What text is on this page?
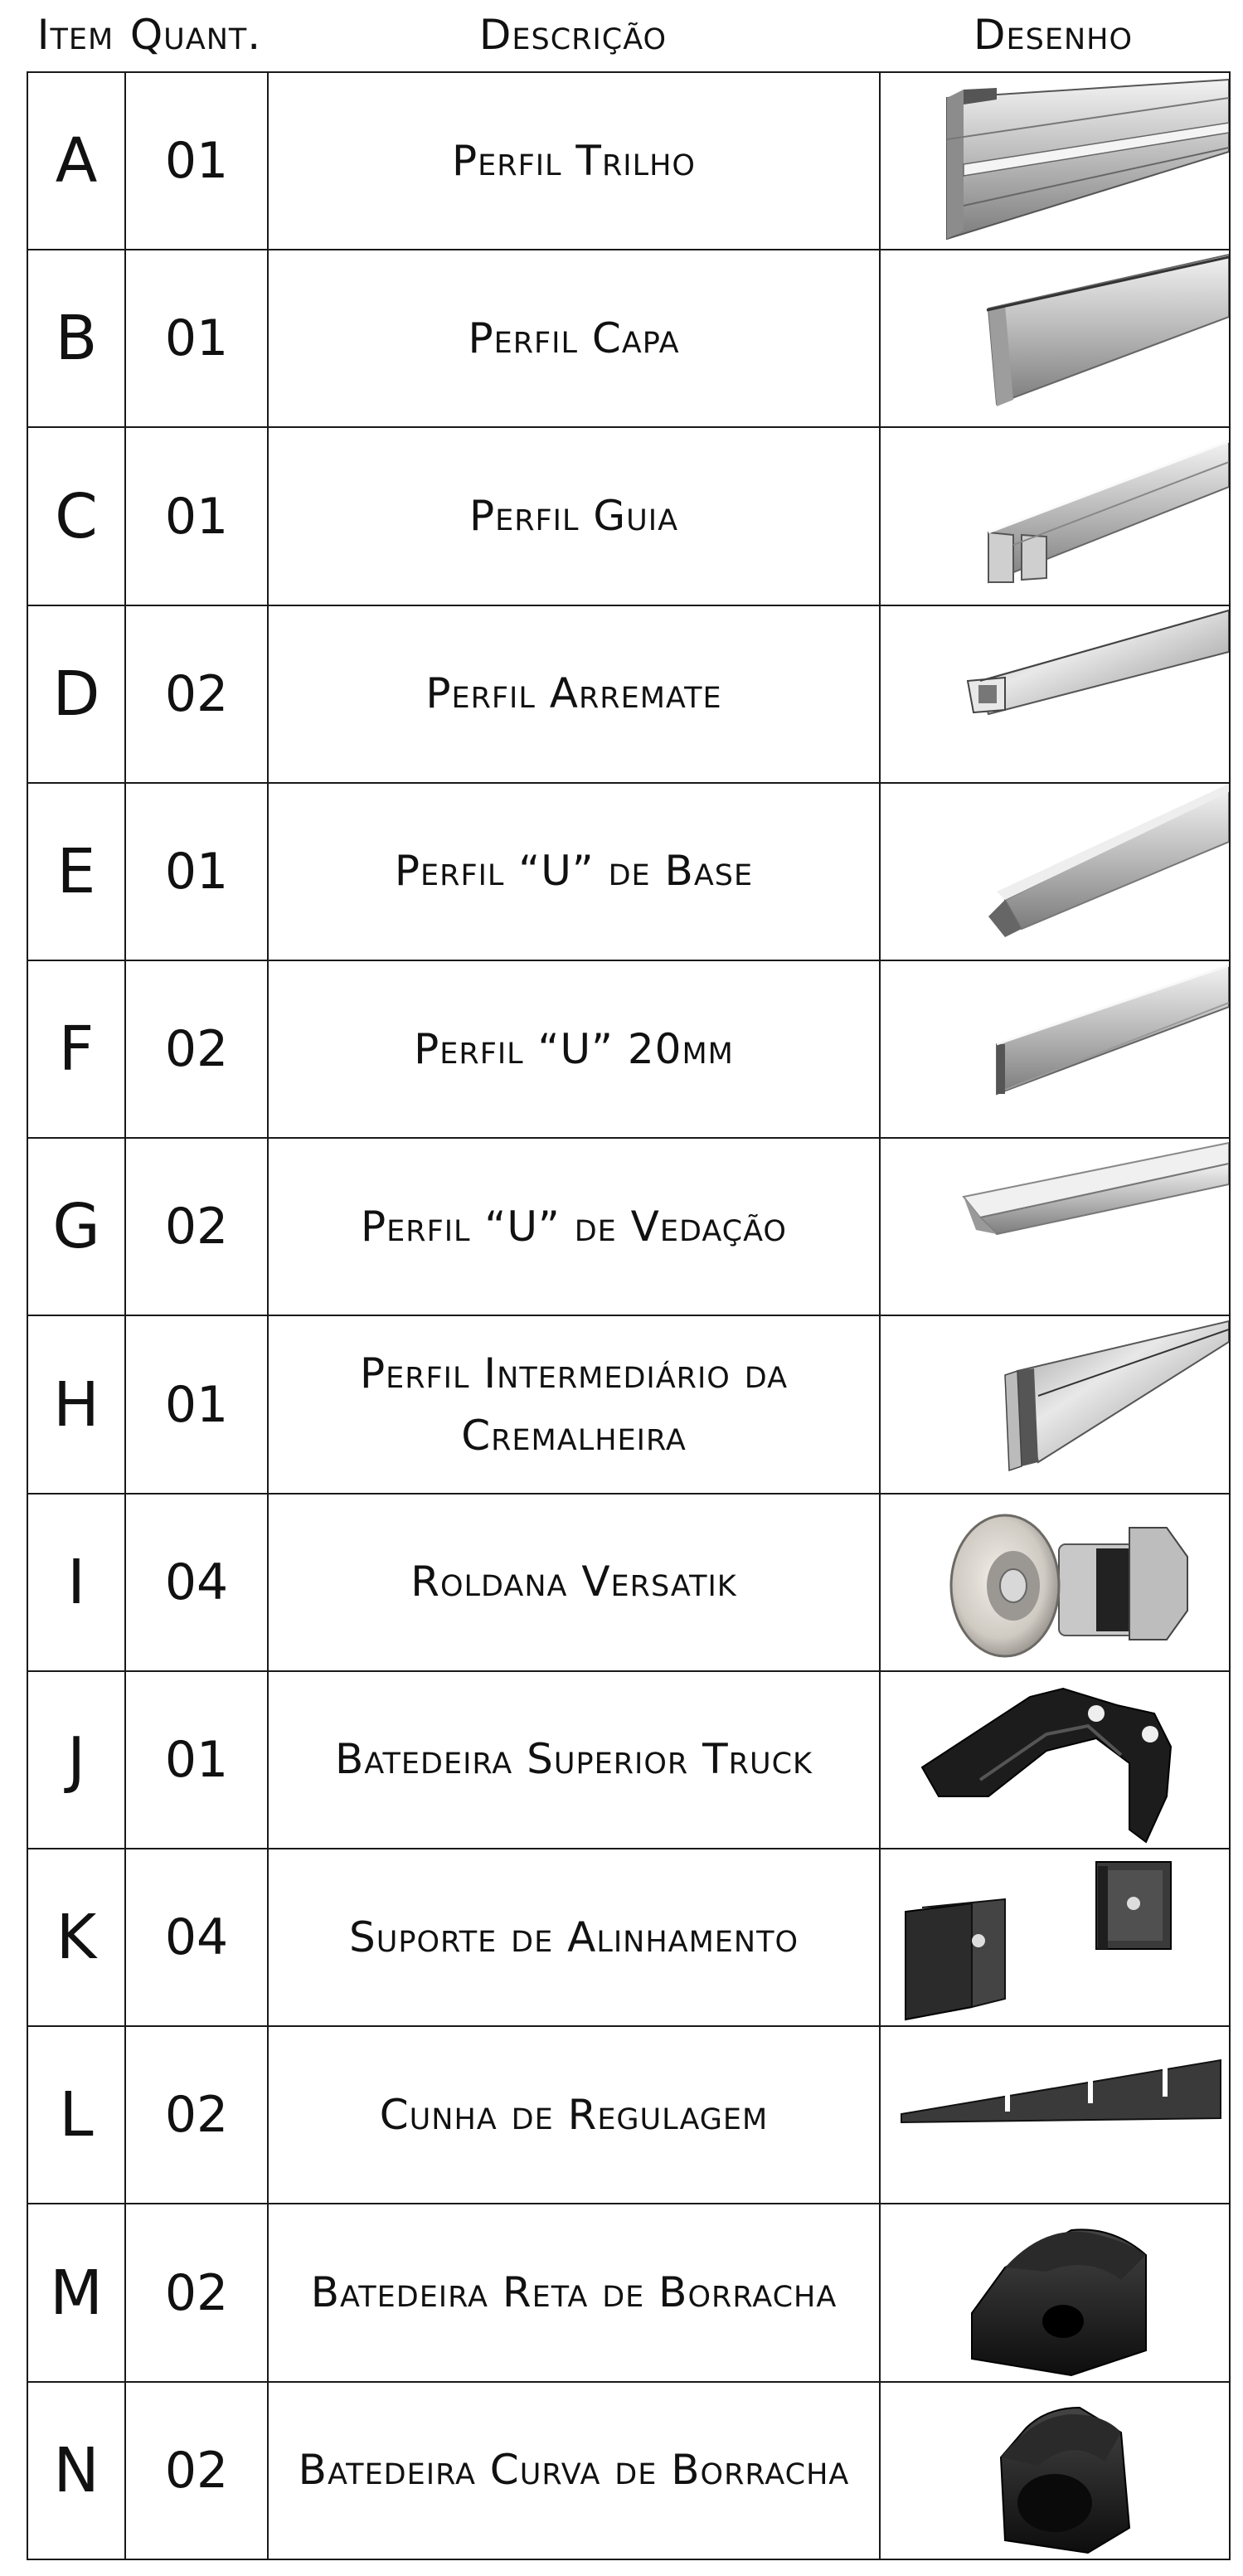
Item Quant.	Descrição	Desenho
A	01	Perfil Trilho	

B	01	Perfil Capa	

C	01	Perfil Guia	

D	02	Perfil Arremate	

E	01	Perfil “U” de Base	

F	02	Perfil “U” 20mm	

G	02	Perfil “U” de Vedação	

H	01	Perfil Intermediário da Cremalheira	

I	04	Roldana Versatik	

J	01	Batedeira Superior Truck	

K	04	Suporte de Alinhamento	

L	02	Cunha de Regulagem	

M	02	Batedeira Reta de Borracha	

N	02	Batedeira Curva de Borracha	
